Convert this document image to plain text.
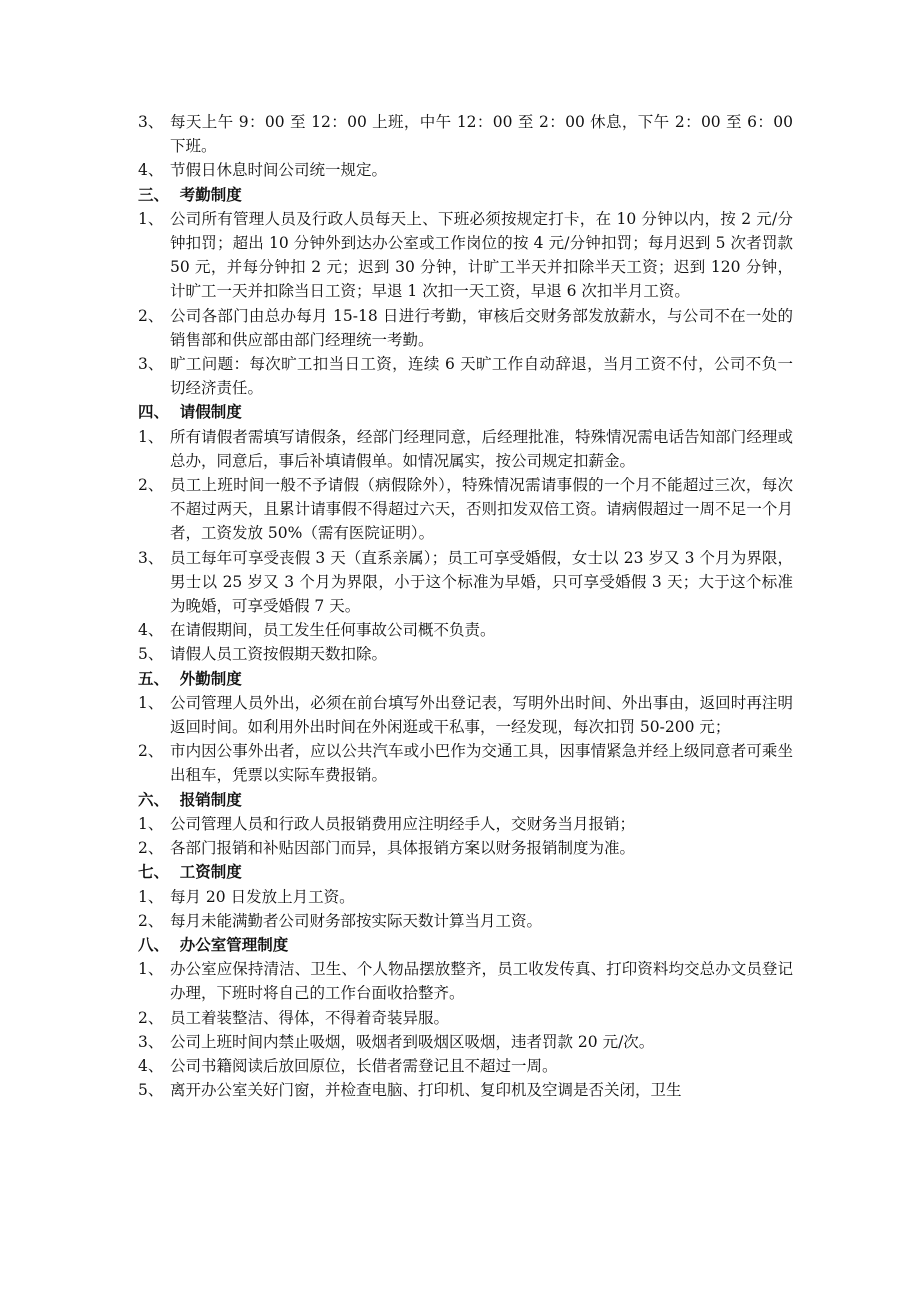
3、 每天上午 9：00 至 12：00 上班，中午 12：00 至 2：00 休息，下午 2：00 至 6：00 下班。
4、 节假日休息时间公司统一规定。
三、  考勤制度
1、 公司所有管理人员及行政人员每天上、下班必须按规定打卡，在 10 分钟以内，按 2 元/分钟扣罚；超出 10 分钟外到达办公室或工作岗位的按 4 元/分钟扣罚；每月迟到 5 次者罚款 50 元，并每分钟扣 2 元；迟到 30 分钟，计旷工半天并扣除半天工资；迟到 120 分钟，计旷工一天并扣除当日工资；早退 1 次扣一天工资，早退 6 次扣半月工资。
2、 公司各部门由总办每月 15-18 日进行考勤，审核后交财务部发放薪水，与公司不在一处的销售部和供应部由部门经理统一考勤。
3、 旷工问题：每次旷工扣当日工资，连续 6 天旷工作自动辞退，当月工资不付，公司不负一切经济责任。
四、  请假制度
1、 所有请假者需填写请假条，经部门经理同意，后经理批准，特殊情况需电话告知部门经理或总办，同意后，事后补填请假单。如情况属实，按公司规定扣薪金。
2、 员工上班时间一般不予请假（病假除外），特殊情况需请事假的一个月不能超过三次，每次不超过两天，且累计请事假不得超过六天，否则扣发双倍工资。请病假超过一周不足一个月者，工资发放 50%（需有医院证明）。
3、 员工每年可享受丧假 3 天（直系亲属）；员工可享受婚假，女士以 23 岁又 3 个月为界限，男士以 25 岁又 3 个月为界限，小于这个标准为早婚，只可享受婚假 3 天；大于这个标准为晚婚，可享受婚假 7 天。
4、 在请假期间，员工发生任何事故公司概不负责。
5、 请假人员工资按假期天数扣除。
五、  外勤制度
1、 公司管理人员外出，必须在前台填写外出登记表，写明外出时间、外出事由，返回时再注明返回时间。如利用外出时间在外闲逛或干私事，一经发现，每次扣罚 50-200 元；
2、 市内因公事外出者，应以公共汽车或小巴作为交通工具，因事情紧急并经上级同意者可乘坐出租车，凭票以实际车费报销。
六、  报销制度
1、 公司管理人员和行政人员报销费用应注明经手人，交财务当月报销；
2、 各部门报销和补贴因部门而异，具体报销方案以财务报销制度为准。
七、  工资制度
1、 每月 20 日发放上月工资。
2、 每月未能满勤者公司财务部按实际天数计算当月工资。
八、  办公室管理制度
1、 办公室应保持清洁、卫生、个人物品摆放整齐，员工收发传真、打印资料均交总办文员登记办理，下班时将自己的工作台面收拾整齐。
2、 员工着装整洁、得体，不得着奇装异服。
3、 公司上班时间内禁止吸烟，吸烟者到吸烟区吸烟，违者罚款 20 元/次。
4、 公司书籍阅读后放回原位，长借者需登记且不超过一周。
5、 离开办公室关好门窗，并检查电脑、打印机、复印机及空调是否关闭，卫生
